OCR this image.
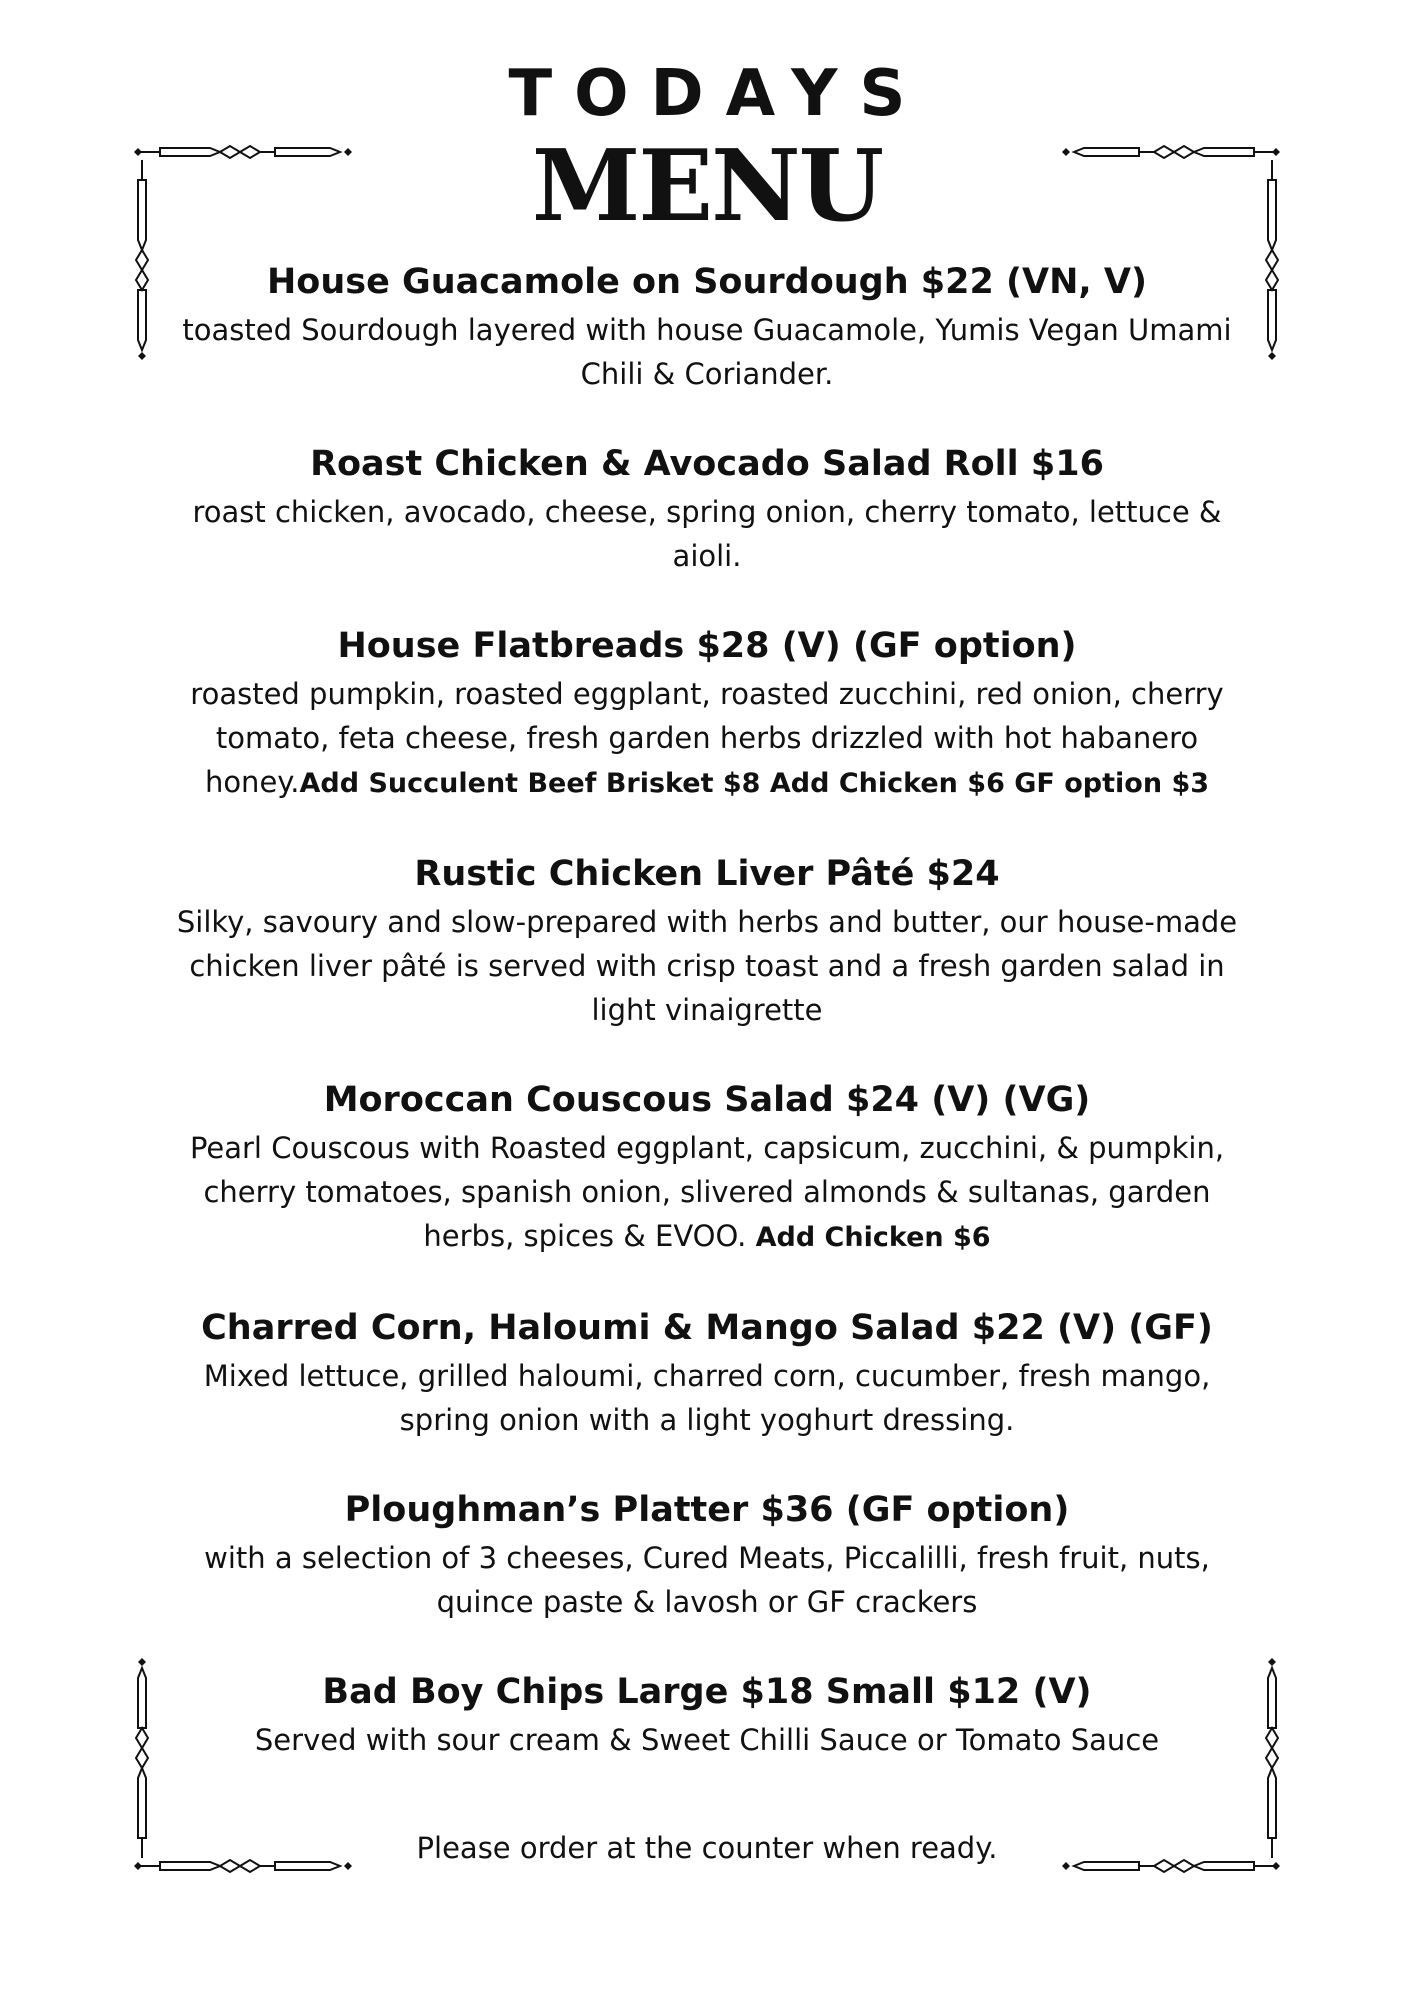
TODAYS
MENU

House Guacamole on Sourdough $22 (VN, V)

toasted Sourdough layered with house Guacamole, Yumis Vegan Umami Chili & Coriander.

Roast Chicken & Avocado Salad Roll $16

roast chicken, avocado, cheese, spring onion, cherry tomato, lettuce & aioli.

House Flatbreads $28 (V) (GF option)

roasted pumpkin, roasted eggplant, roasted zucchini, red onion, cherry tomato, feta cheese, fresh garden herbs drizzled with hot habanero honey.Add Succulent Beef Brisket $8 Add Chicken $6 GF option $3

Rustic Chicken Liver Pâté $24

Silky, savoury and slow-prepared with herbs and butter, our house-made chicken liver pâté is served with crisp toast and a fresh garden salad in light vinaigrette

Moroccan Couscous Salad $24 (V) (VG)

Pearl Couscous with Roasted eggplant, capsicum, zucchini, & pumpkin, cherry tomatoes, spanish onion, slivered almonds & sultanas, garden herbs, spices & EVOO. Add Chicken $6

Charred Corn, Haloumi & Mango Salad $22 (V) (GF)

Mixed lettuce, grilled haloumi, charred corn, cucumber, fresh mango, spring onion with a light yoghurt dressing.

Ploughman’s Platter $36 (GF option)

with a selection of 3 cheeses, Cured Meats, Piccalilli, fresh fruit, nuts, quince paste & lavosh or GF crackers

Bad Boy Chips Large $18 Small $12 (V)

Served with sour cream & Sweet Chilli Sauce or Tomato Sauce

Please order at the counter when ready.
